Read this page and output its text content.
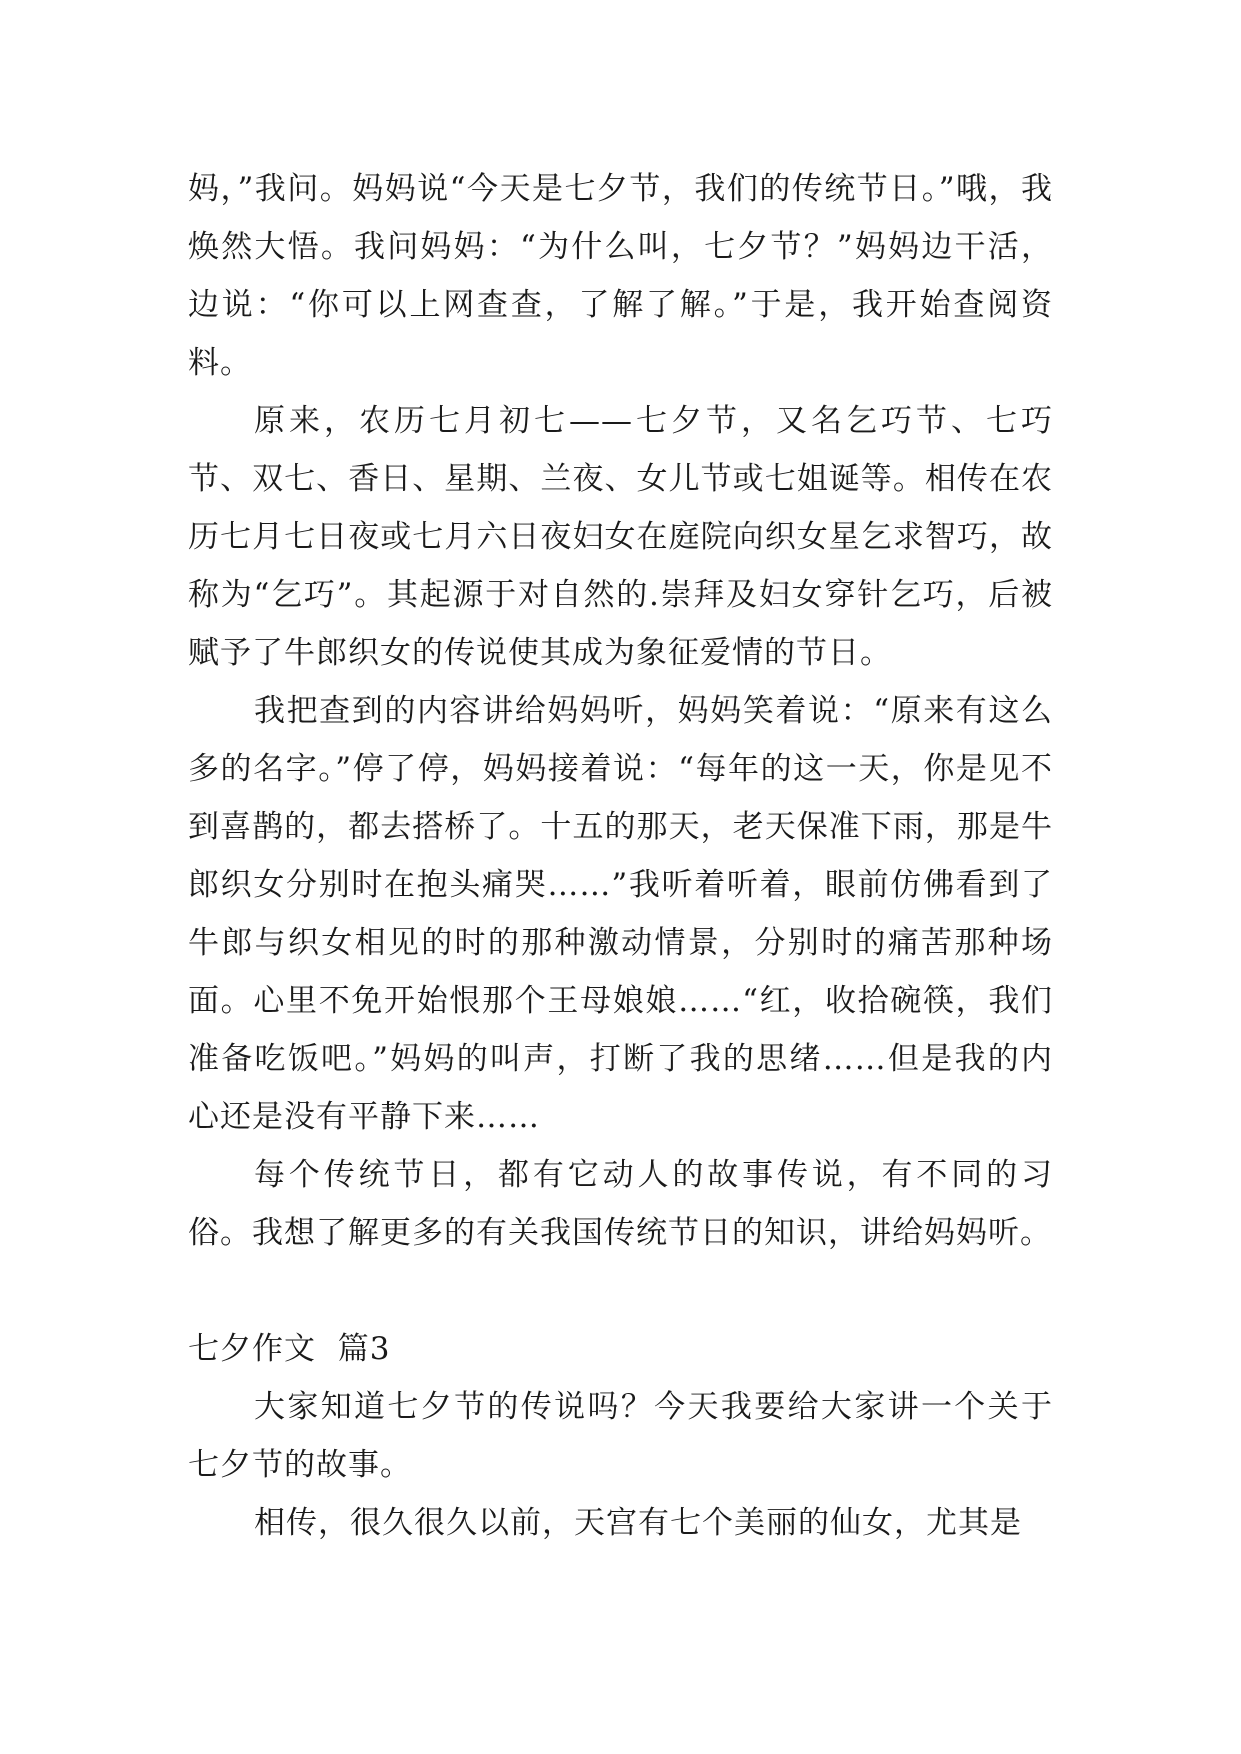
妈，”我问。妈妈说“今天是七夕节，我们的传统节日。”哦，我焕然大悟。我问妈妈：“为什么叫，七夕节？”妈妈边干活，边说：“你可以上网查查，了解了解。”于是，我开始查阅资料。

原来，农历七月初七——七夕节，又名乞巧节、七巧节、双七、香日、星期、兰夜、女儿节或七姐诞等。相传在农历七月七日夜或七月六日夜妇女在庭院向织女星乞求智巧，故称为“乞巧”。其起源于对自然的.崇拜及妇女穿针乞巧，后被赋予了牛郎织女的传说使其成为象征爱情的节日。

我把查到的内容讲给妈妈听，妈妈笑着说：“原来有这么多的名字。”停了停，妈妈接着说：“每年的这一天，你是见不到喜鹊的，都去搭桥了。十五的那天，老天保准下雨，那是牛郎织女分别时在抱头痛哭……”我听着听着，眼前仿佛看到了牛郎与织女相见的时的那种激动情景，分别时的痛苦那种场面。心里不免开始恨那个王母娘娘……“红，收拾碗筷，我们准备吃饭吧。”妈妈的叫声，打断了我的思绪……但是我的内心还是没有平静下来……

每个传统节日，都有它动人的故事传说，有不同的习俗。我想了解更多的有关我国传统节日的知识，讲给妈妈听。

七夕作文  篇3

大家知道七夕节的传说吗？今天我要给大家讲一个关于七夕节的故事。

相传，很久很久以前，天宫有七个美丽的仙女，尤其是
